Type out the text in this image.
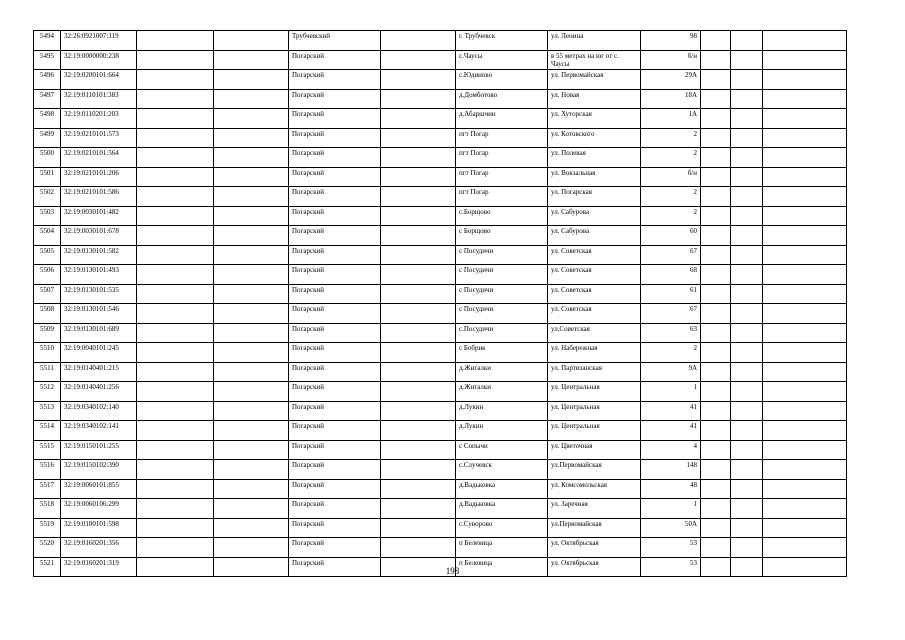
5494	32:26:0921007:119			Трубчевский		г. Трубчевск	ул. Ленина	98			
5495	32:19:0000000:238			Погарский		с.Чаусы	в 55 метрах на юг от с. Чаусы	б/н			
5496	32:19:0200101:664			Погарский		с.Юдиново	ул. Первомайская	29А			
5497	32:19:0110101:383			Погарский		д.Домботово	ул. Новая	18А			
5498	32:19:0110201:203			Погарский		д.Абаршчин	ул. Хуторская	1А			
5499	32:19:0210101:573			Погарский		пгт Погар	ул. Котовского	2			
5500	32:19:0210101:564			Погарский		пгт Погар	ул. Полевая	2			
5501	32:19:0210101:206			Погарский		пгт Погар	ул. Вокзальная	б/н			
5502	32:19:0210101:586			Погарский		пгт Погар	ул. Погарская	2			
5503	32:19:0030101:482			Погарский		с.Борщово	ул. Сабурова	2			
5504	32:19:0030101:678			Погарский		с Борщово	ул. Сабурова	60			
5505	32:19:0130101:582			Погарский		с Посудичи	ул. Советская	67			
5506	32:19:0130101:493			Погарский		с Посудичи	ул. Советская	68			
5507	32:19:0130101:535			Погарский		с Посудичи	ул. Советская	61			
5508	32:19:0130101:546			Погарский		с Посудичи	ул. Советская	67			
5509	32:19:0130101:689			Погарский		с.Посудичи	ул.Советская	63			
5510	32:19:0040101:245			Погарский		с Бобрик	ул. Набережная	2			
5511	32:19:0140401:215			Погарский		д.Жигалки	ул. Партизанская	9А			
5512	32:19:0140401:256			Погарский		д.Жигалки	ул. Центральная	1			
5513	32:19:0340102:140			Погарский		д.Лукин	ул. Центральная	41			
5514	32:19:0340102:141			Погарский		д.Лукин	ул. Центральная	41			
5515	32:19:0150101:255			Погарский		с Сопычи	ул. Цветочная	4			
5516	32:19:0150102:390			Погарский		с.Случевск	ул.Первомайская	148			
5517	32:19:0060101:855			Погарский		д.Вадьковка	ул. Комсомольская	48			
5518	32:19:0060106:299			Погарский		д.Вадьковка	ул. Заречная	1			
5519	32:19:0100101:598			Погарский		с.Суворово	ул.Первомайская	50А			
5520	32:19:0160201:356			Погарский		п Белевица	ул. Октябрьская	53			
5521	32:19:0160201:319			Погарский		п Белевица	ул. Октябрьская	53			
198
